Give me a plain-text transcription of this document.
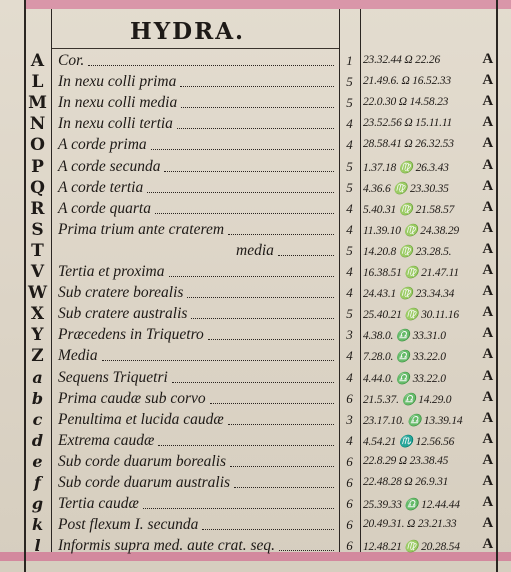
HYDRA.
A Cor.	1 23.32.44 Ω 22.26	A
L In nexu colli prima	5 21.49.6. Ω 16.52.33 A
M In nexu colli media	5 22.0.30 Ω 14.58.23 A
N In nexu colli tertia	4 23.52.56 Ω 15.11.11 A
O A corde prima	4 28.58.41 Ω 26.32.53 A
P A corde secunda	5 1.37.18 ♍ 26.3.43 A
Q A corde tertia	5 4.36.6 ♍ 23.30.35 A
R A corde quarta	4 5.40.31 ♍ 21.58.57 A
S Prima trium ante craterem	4 11.39.10 ♍ 24.38.29 A
T	media	5 14.20.8 ♍ 23.28.5. A
V Tertia et proxima	4 16.38.51 ♍ 21.47.11 A
W Sub cratere borealis	4 24.43.1 ♍ 23.34.34 A
X Sub cratere australis	5 25.40.21 ♍ 30.11.16 A
Y Præcedens in Triquetro	3 4.38.0. ♎ 33.31.0 A
Z Media	4 7.28.0. ♎ 33.22.0 A
a Sequens Triquetri	4 4.44.0. ♎ 33.22.0 A
b Prima caudæ sub corvo	6 21.5.37. ♎ 14.29.0 A
c	Penultima et lucida caudæ	3 23.17.10. ♎ 13.39.14 A
d Extrema caudæ	4 4.54.21 ♏ 12.56.56 A
e Sub corde duarum borealis	6 22.8.29 Ω 23.38.45 A
f	Sub corde duarum australis	6 22.48.28 Ω 26.9.31 A
g Tertia caudæ	6 25.39.33 ♎ 12.44.44 A
k Post flexum I. secunda	6 20.49.31. Ω 23.21.33 A
l	Informis supra med. aute crat. seq.	6 12.48.21 ♍ 20.28.54 A
